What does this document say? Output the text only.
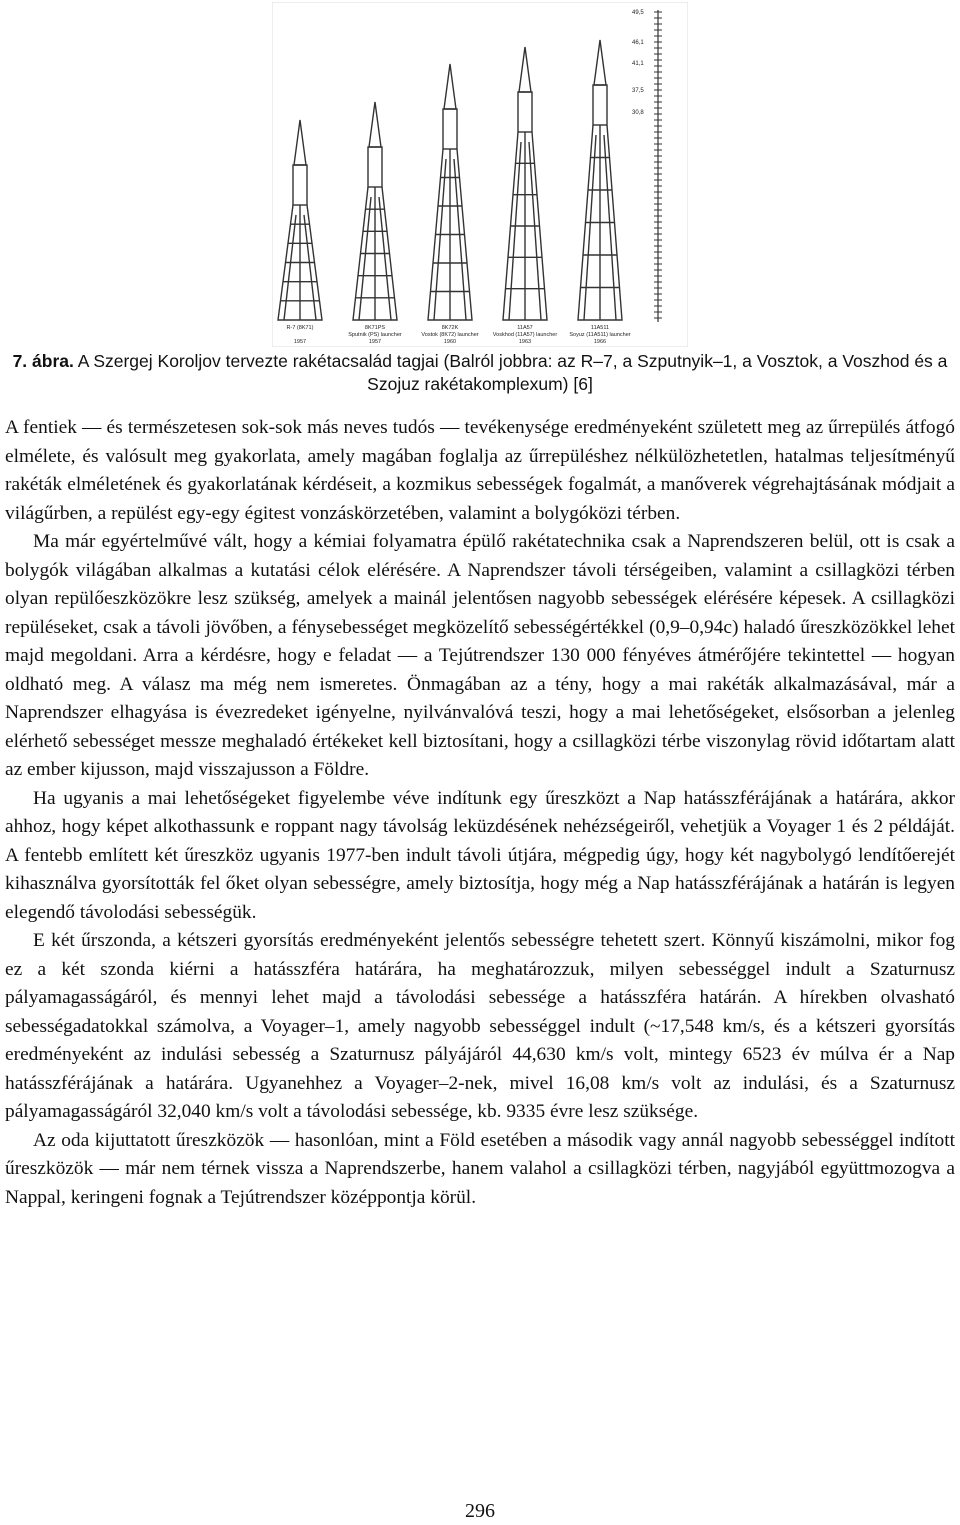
49,5
46,1
41,1
37,5
30,8
R-7 (8K71)
1957
8K71PS
Sputnik (PS) launcher
1957
8K72K
Vostok (8K72) launcher
1960
11A57
Voskhod (11A57) launcher
1963
11A511
Soyuz (11A511) launcher
1966
7. ábra. A Szergej Koroljov tervezte rakétacsalád tagjai (Balról jobbra: az R–7, a Szputnyik–1, a Vosztok, a Voszhod és a Szojuz rakétakomplexum) [6]

A fentiek ― és természetesen sok-sok más neves tudós ― tevékenysége eredményeként született meg az űrrepülés átfogó elmélete, és valósult meg gyakorlata, amely magában foglalja az űrrepüléshez nélkülözhetetlen, hatalmas teljesítményű rakéták elméletének és gyakorlatának kérdéseit, a kozmikus sebességek fogalmát, a manőverek végrehajtásának módjait a világűrben, a repülést egy-egy égitest vonzáskörzetében, valamint a bolygóközi térben.

Ma már egyértelművé vált, hogy a kémiai folyamatra épülő rakétatechnika csak a Naprendszeren belül, ott is csak a bolygók világában alkalmas a kutatási célok elérésére. A Naprendszer távoli térségeiben, valamint a csillagközi térben olyan repülőeszközökre lesz szükség, amelyek a mainál jelentősen nagyobb sebességek elérésére képesek. A csillagközi repüléseket, csak a távoli jövőben, a fénysebességet megközelítő sebességértékkel (0,9–0,94c) haladó űreszközökkel lehet majd megoldani. Arra a kérdésre, hogy e feladat ― a Tejútrendszer 130 000 fényéves átmérőjére tekintettel ― hogyan oldható meg. A válasz ma még nem ismeretes. Önmagában az a tény, hogy a mai rakéták alkalmazásával, már a Naprendszer elhagyása is évezredeket igényelne, nyilvánvalóvá teszi, hogy a mai lehetőségeket, elsősorban a jelenleg elérhető sebességet messze meghaladó értékeket kell biztosítani, hogy a csillagközi térbe viszonylag rövid időtartam alatt az ember kijusson, majd visszajusson a Földre.

Ha ugyanis a mai lehetőségeket figyelembe véve indítunk egy űreszközt a Nap hatásszférájának a határára, akkor ahhoz, hogy képet alkothassunk e roppant nagy távolság leküzdésének nehézségeiről, vehetjük a Voyager 1 és 2 példáját. A fentebb említett két űreszköz ugyanis 1977-ben indult távoli útjára, mégpedig úgy, hogy két nagybolygó lendítőerejét kihasználva gyorsították fel őket olyan sebességre, amely biztosítja, hogy még a Nap hatásszférájának a határán is legyen elegendő távolodási sebességük.

E két űrszonda, a kétszeri gyorsítás eredményeként jelentős sebességre tehetett szert. Könnyű kiszámolni, mikor fog ez a két szonda kiérni a hatásszféra határára, ha meghatározzuk, milyen sebességgel indult a Szaturnusz pályamagasságáról, és mennyi lehet majd a távolodási sebessége a hatásszféra határán. A hírekben olvasható sebességadatokkal számolva, a Voyager–1, amely nagyobb sebességgel indult (~17,548 km/s, és a kétszeri gyorsítás eredményeként az indulási sebesség a Szaturnusz pályájáról 44,630 km/s volt, mintegy 6523 év múlva ér a Nap hatásszférájának a határára. Ugyanehhez a Voyager–2-nek, mivel 16,08 km/s volt az indulási, és a Szaturnusz pályamagasságáról 32,040 km/s volt a távolodási sebessége, kb. 9335 évre lesz szüksége.

Az oda kijuttatott űreszközök ― hasonlóan, mint a Föld esetében a második vagy annál nagyobb sebességgel indított űreszközök ― már nem térnek vissza a Naprendszerbe, hanem valahol a csillagközi térben, nagyjából együttmozogva a Nappal, keringeni fognak a Tejútrendszer középpontja körül.

296
